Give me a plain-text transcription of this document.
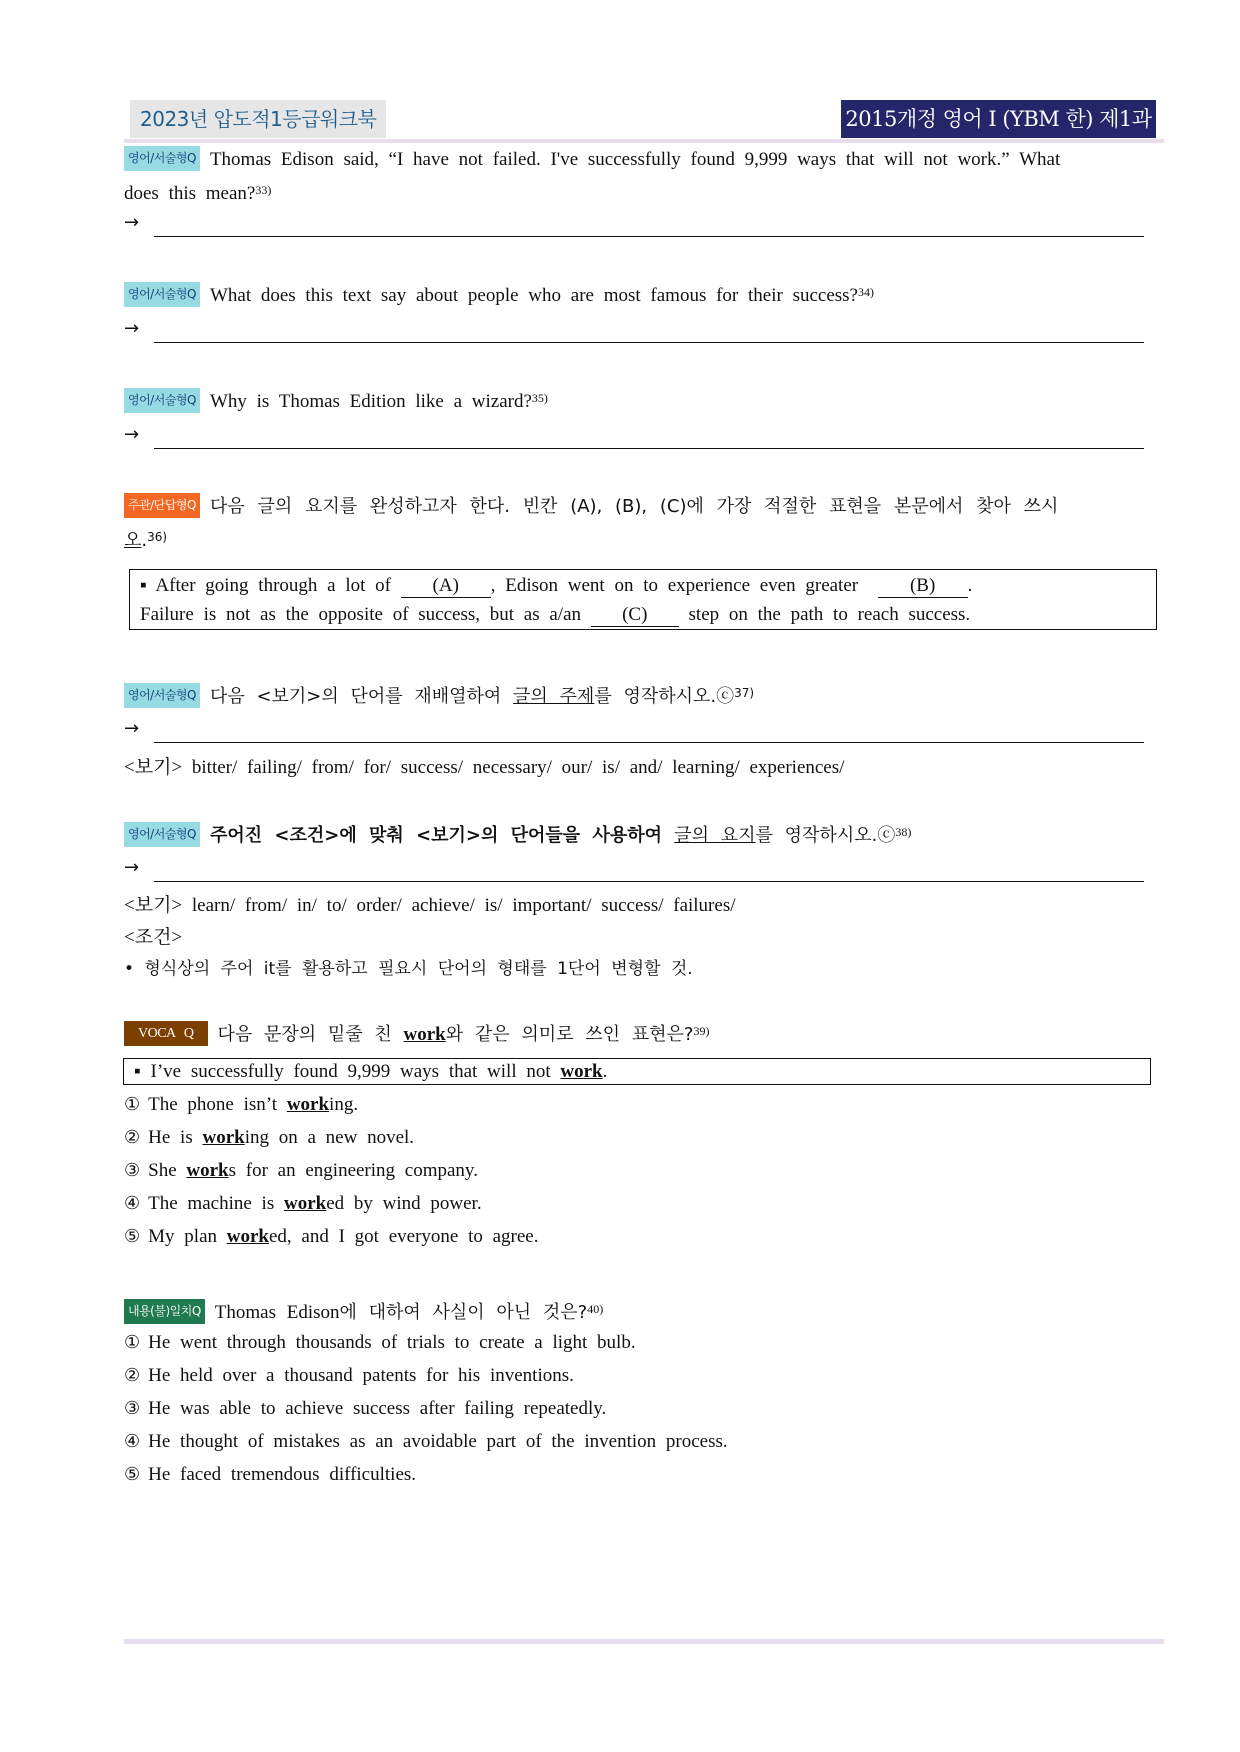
2023년 압도적1등급워크북	2015개정 영어 I (YBM 한) 제1과
영어/서술형Q Thomas Edison said, “I have not failed. I've successfully found 9,999 ways that will not work.” What
does this mean?$^{33)}$
→
영어/서술형Q What does this text say about people who are most famous for their success?$^{34)}$
→
영어/서술형Q Why is Thomas Edition like a wizard?$^{35)}$
→
주관/단답형Q 다음 글의 요지를 완성하고자 한다. 빈칸 (A), (B), (C)에 가장 적절한 표현을 본문에서 찾아 쓰시
오.$^{36)}$
▪ After going through a lot of (A) , Edison went on to experience even greater	(B) .
Failure is not as the opposite of success, but as a/an (C) step on the path to reach success.
영어/서술형Q 다음 <보기>의 단어를 재배열하여 글의 주제를 영작하시오.ⓒ$^{37)}$
→
<보기> bitter/ failing/ from/ for/ success/ necessary/ our/ is/ and/ learning/ experiences/
영어/서술형Q 주어진 <조건>에 맞춰 <보기>의 단어들을 사용하여 글의 요지를 영작하시오.ⓒ$^{38)}$
→
<보기> learn/ from/ in/ to/ order/ achieve/ is/ important/ success/ failures/
<조건>
• 형식상의 주어 it를 활용하고 필요시 단어의 형태를 1단어 변형할 것.
VOCA Q 다음 문장의 밑줄 친 work와 같은 의미로 쓰인 표현은?$^{39)}$
▪ I’ve successfully found 9,999 ways that will not work.
① The phone isn’t working.
② He is working on a new novel.
③ She works for an engineering company.
④ The machine is worked by wind power.
⑤ My plan worked, and I got everyone to agree.
내용(불)일치Q Thomas Edison에 대하여 사실이 아닌 것은?$^{40)}$
① He went through thousands of trials to create a light bulb.
② He held over a thousand patents for his inventions.
③ He was able to achieve success after failing repeatedly.
④ He thought of mistakes as an avoidable part of the invention process.
⑤ He faced tremendous difficulties.
